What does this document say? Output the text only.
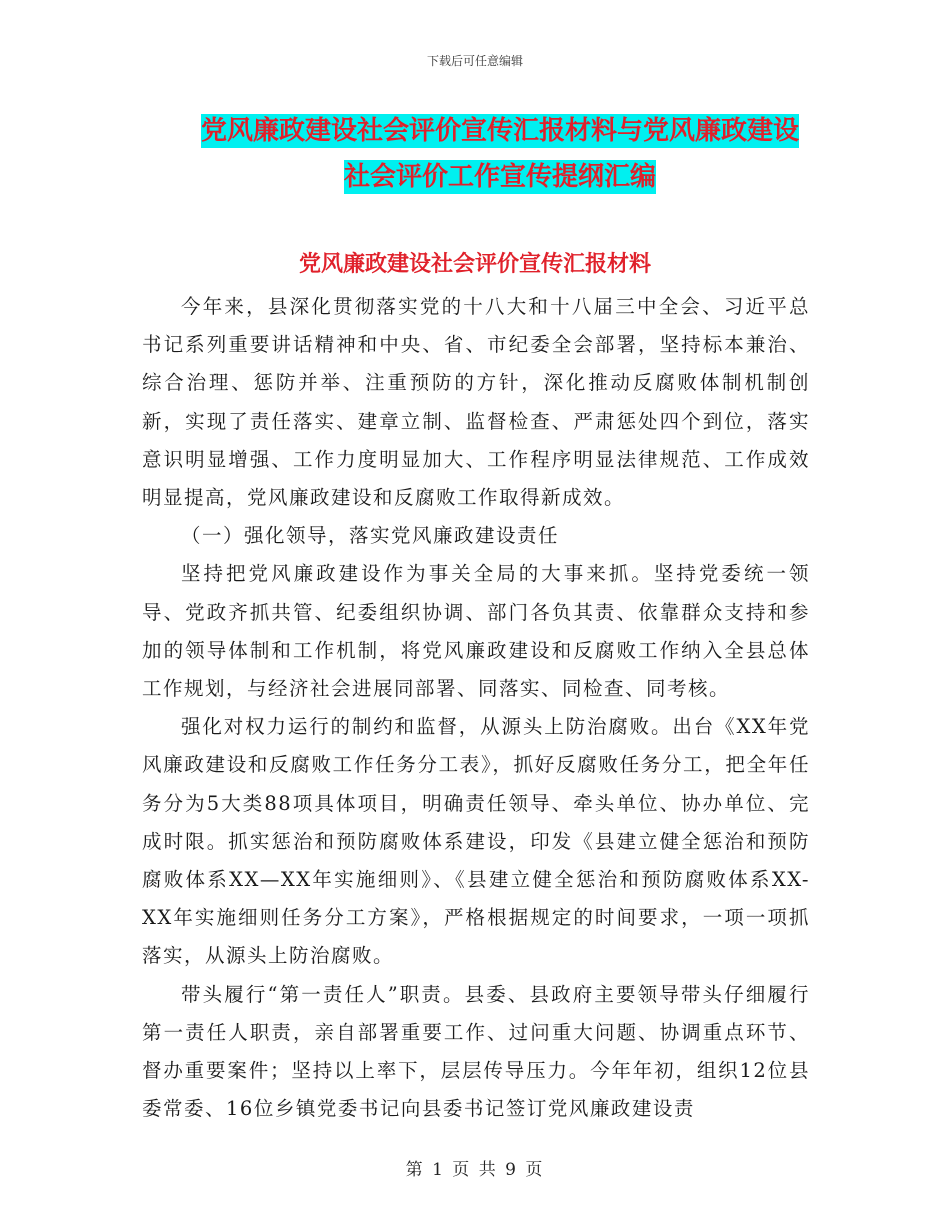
下载后可任意编辑
党风廉政建设社会评价宣传汇报材料与党风廉政建设
社会评价工作宣传提纲汇编
党风廉政建设社会评价宣传汇报材料

今年来，县深化贯彻落实党的十八大和十八届三中全会、习近平总书记系列重要讲话精神和中央、省、市纪委全会部署，坚持标本兼治、综合治理、惩防并举、注重预防的方针，深化推动反腐败体制机制创新，实现了责任落实、建章立制、监督检查、严肃惩处四个到位，落实意识明显增强、工作力度明显加大、工作程序明显法律规范、工作成效明显提高，党风廉政建设和反腐败工作取得新成效。

（一）强化领导，落实党风廉政建设责任

坚持把党风廉政建设作为事关全局的大事来抓。坚持党委统一领导、党政齐抓共管、纪委组织协调、部门各负其责、依靠群众支持和参加的领导体制和工作机制，将党风廉政建设和反腐败工作纳入全县总体工作规划，与经济社会进展同部署、同落实、同检查、同考核。

强化对权力运行的制约和监督，从源头上防治腐败。出台《XX年党风廉政建设和反腐败工作任务分工表》，抓好反腐败任务分工，把全年任务分为5大类88项具体项目，明确责任领导、牵头单位、协办单位、完成时限。抓实惩治和预防腐败体系建设，印发《县建立健全惩治和预防腐败体系XX—XX年实施细则》、《县建立健全惩治和预防腐败体系XX-XX年实施细则任务分工方案》，严格根据规定的时间要求，一项一项抓落实，从源头上防治腐败。

带头履行“第一责任人”职责。县委、县政府主要领导带头仔细履行第一责任人职责，亲自部署重要工作、过问重大问题、协调重点环节、督办重要案件；坚持以上率下，层层传导压力。今年年初，组织12位县委常委、16位乡镇党委书记向县委书记签订党风廉政建设责

第 1 页 共 9 页
